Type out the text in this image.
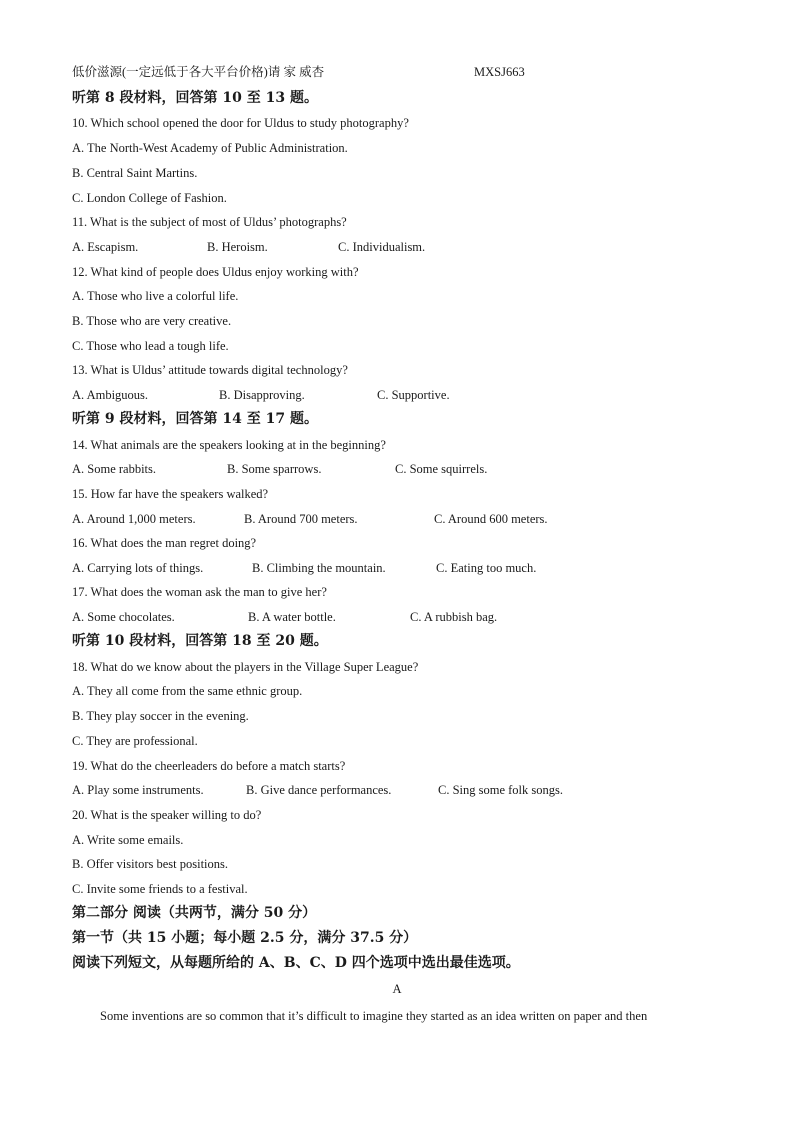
低价滋源(一定远低于各大平台价格)请 家 威杏	MXSJ663
听第 8 段材料，回答第 10 至 13 题。
10. Which school opened the door for Uldus to study photography?
A. The North-West Academy of Public Administration.
B. Central Saint Martins.
C. London College of Fashion.
11. What is the subject of most of Uldus’ photographs?
A. Escapism.	B. Heroism.	C. Individualism.
12. What kind of people does Uldus enjoy working with?
A. Those who live a colorful life.
B. Those who are very creative.
C. Those who lead a tough life.
13. What is Uldus’ attitude towards digital technology?
A. Ambiguous.	B. Disapproving.	C. Supportive.
听第 9 段材料，回答第 14 至 17 题。
14. What animals are the speakers looking at in the beginning?
A. Some rabbits.	B. Some sparrows.	C. Some squirrels.
15. How far have the speakers walked?
A. Around 1,000 meters.	B. Around 700 meters.	C. Around 600 meters.
16. What does the man regret doing?
A. Carrying lots of things.	B. Climbing the mountain.	C. Eating too much.
17. What does the woman ask the man to give her?
A. Some chocolates.	B. A water bottle.	C. A rubbish bag.
听第 10 段材料，回答第 18 至 20 题。
18. What do we know about the players in the Village Super League?
A. They all come from the same ethnic group.
B. They play soccer in the evening.
C. They are professional.
19. What do the cheerleaders do before a match starts?
A. Play some instruments.	B. Give dance performances.	C. Sing some folk songs.
20. What is the speaker willing to do?
A. Write some emails.
B. Offer visitors best positions.
C. Invite some friends to a festival.
第二部分 阅读（共两节，满分 50 分）
第一节（共 15 小题；每小题 2.5 分，满分 37.5 分）
阅读下列短文，从每题所给的 A、B、C、D 四个选项中选出最佳选项。
A
Some inventions are so common that it’s difficult to imagine they started as an idea written on paper and then
